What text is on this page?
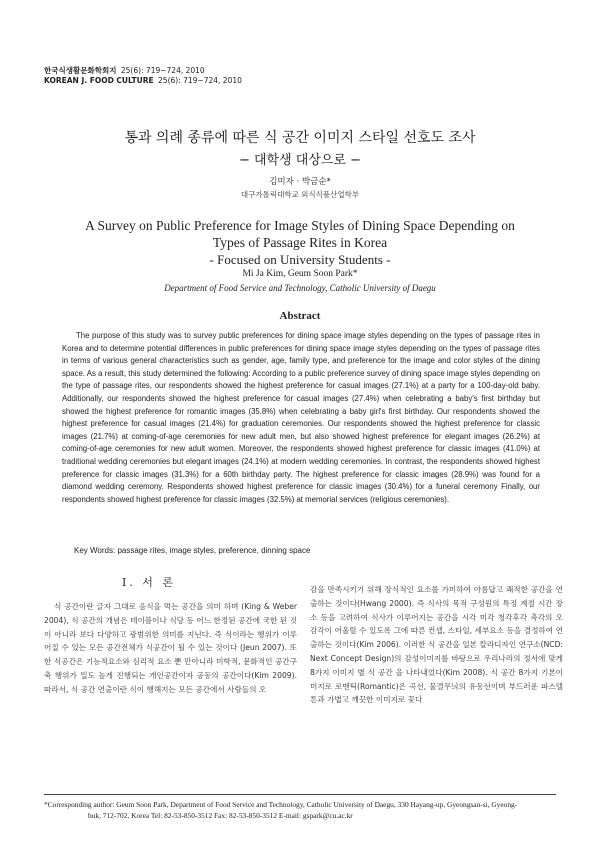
한국식생활문화학회지 25(6): 719~724, 2010
KOREAN J. FOOD CULTURE 25(6): 719~724, 2010
통과 의례 종류에 따른 식 공간 이미지 스타일 선호도 조사
− 대학생 대상으로 −
김미자 · 박금순*
대구가톨릭대학교 외식식품산업학부
A Survey on Public Preference for Image Styles of Dining Space Depending on
Types of Passage Rites in Korea
- Focused on University Students -
Mi Ja Kim, Geum Soon Park*
Department of Food Service and Technology, Catholic University of Daegu
Abstract

The purpose of this study was to survey public preferences for dining space image styles depending on the types of passage rites in Korea and to determine potential differences in public preferences for dining space image styles depending on the types of passage rites in terms of various general characteristics such as gender, age, family type, and preference for the image and color styles of the dining space. As a result, this study determined the following: According to a public preference survey of dining space image styles depending on the type of passage rites, our respondents showed the highest preference for casual images (27.1%) at a party for a 100-day-old baby. Additionally, our respondents showed the highest preference for casual images (27.4%) when celebrating a baby's first birthday but showed the highest preference for romantic images (35.8%) when celebrating a baby girl's first birthday. Our respondents showed the highest preference for casual images (21.4%) for graduation ceremonies. Our respondents showed the highest preference for classic images (21.7%) at coming-of-age ceremonies for new adult men, but also showed highest preference for elegant images (26.2%) at coming-of-age ceremonies for new adult women. Moreover, the respondents showed highest preference for classic images (41.0%) at traditional wedding ceremonies but elegant images (24.1%) at modern wedding ceremonies. In contrast, the respondents showed highest preference for classic images (31.3%) for a 60th birthday party. The highest preference for classic images (28.9%) was found for a diamond wedding ceremony. Respondents showed highest preference for classic images (30.4%) for a funeral ceremony Finally, our respondents showed highest preference for classic images (32.5%) at memorial services (religious ceremonies).

Key Words: passage rites, image styles, preference, dinning space
I. 서 론

식 공간이란 글자 그대로 음식을 먹는 공간을 의미 하며 (King & Weber 2004), 식 공간의 개념은 테이블이나 식당 등 어느 한정된 공간에 국한 된 것이 아니라 보다 다양하고 광범위한 의미를 지닌다. 즉 식이라는 행위가 이루어질 수 있는 모든 공간전체가 식공간이 될 수 있는 것이다 (Jeun 2007). 또한 식공간은 기능적요소와 심리적 요소 뿐 만아니라 미학적, 문화적인 공간구축 행위가 밀도 높게 진행되는 개인공간이자 공동의 공간이다(Kim 2009). 따라서, 식 공간 연출이란 식이 행해지는 모든 공간에서 사람들의 오

감을 만족시키기 위해 장식적인 요소를 가미하여 아름답고 쾌적한 공간을 연출하는 것이다(Hwang 2000). 즉 식사의 목적 구성원의 특징 계절 시간 장소 등을 고려하여 식사가 이루어지는 공간을 시각 미각 청각후각 촉각의 오 감각이 어울릴 수 있도록 그에 따른 컨셉, 스타일, 세부요소 등을 결정하여 연출하는 것이다(Kim 2006). 이러한 식 공간을 일본 칼라디자인 연구소(NCD: Next Concept Design)의 감성이미지를 바탕으로 우리나라의 정서에 맞게 8가지 이미지 별 식 공간 을 나타내었다(Kim 2008). 식 공간 8가지 기본이미지로 로맨틱(Romantic)은 곡선, 물결무늬의 유동선이며 부드러운 파스텔 톤과 가볍고 깨끗한 이미지로 꽃다

*Corresponding author: Geum Soon Park, Department of Food Service and Technology, Catholic University of Daegu, 330 Hayang-up, Gyeongsan-si, Gyeong-
buk, 712-702, Korea Tel: 82-53-850-3512 Fax: 82-53-850-3512 E-mail: gspark@cu.ac.kr
